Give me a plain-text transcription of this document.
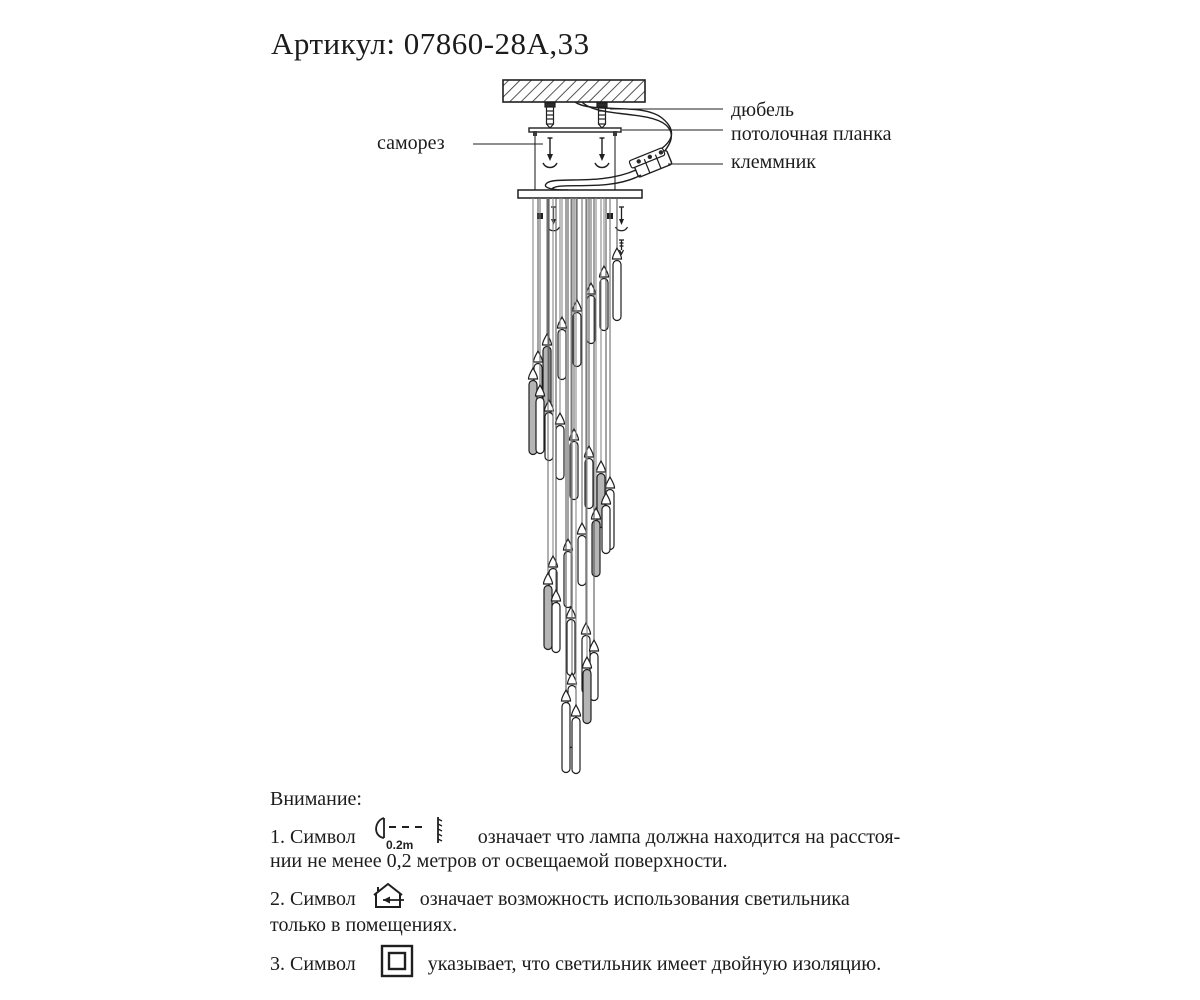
Артикул: 07860-28А,33
саморез
дюбель
потолочная планка
клеммник
Внимание:
1. Символ	0.2m	означает что лампа должна находится на расстоя-
нии не менее 0,2 метров от освещаемой поверхности.
2. Символ	означает возможность использования светильника
только в помещениях.
3. Символ	указывает, что светильник имеет двойную изоляцию.
